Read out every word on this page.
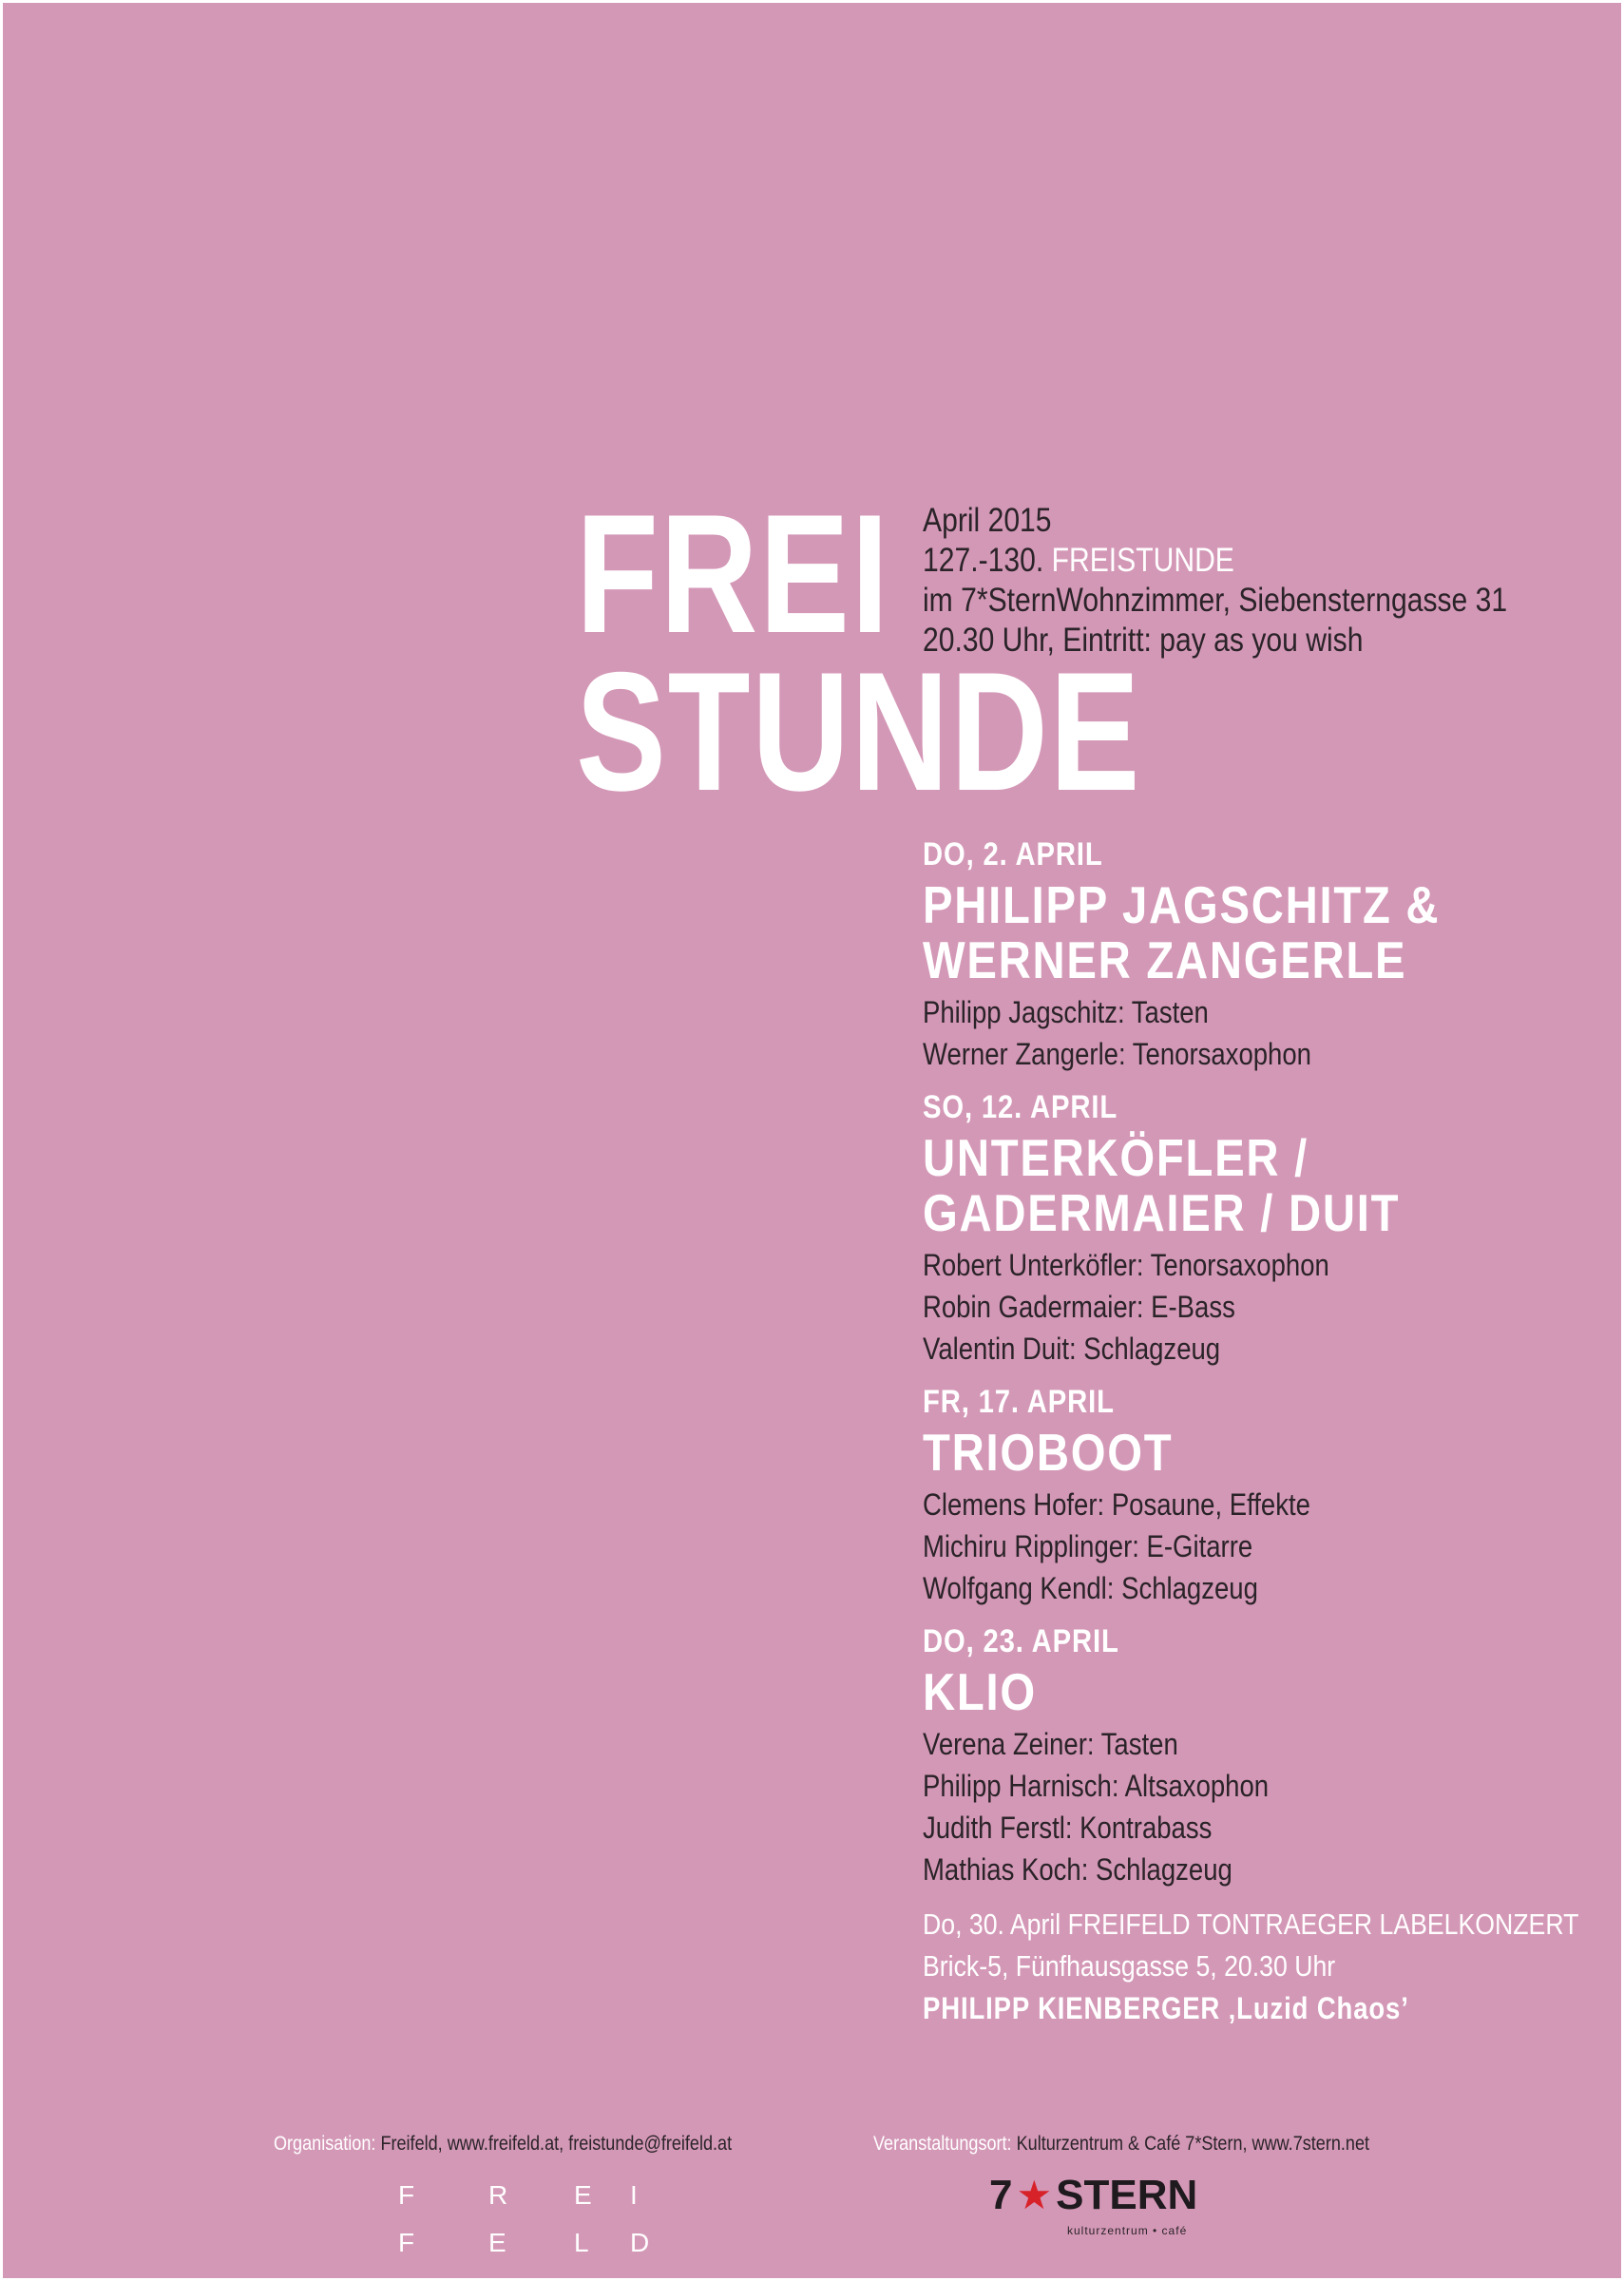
FREI
STUNDE
April 2015
127.-130. FREISTUNDE
im 7*SternWohnzimmer, Siebensterngasse 31
20.30 Uhr, Eintritt: pay as you wish
DO, 2. APRIL
PHILIPP JAGSCHITZ &
WERNER ZANGERLE
Philipp Jagschitz: Tasten
Werner Zangerle: Tenorsaxophon
SO, 12. APRIL
UNTERKÖFLER /
GADERMAIER / DUIT
Robert Unterköfler: Tenorsaxophon
Robin Gadermaier: E-Bass
Valentin Duit: Schlagzeug
FR, 17. APRIL
TRIOBOOT
Clemens Hofer: Posaune, Effekte
Michiru Ripplinger: E-Gitarre
Wolfgang Kendl: Schlagzeug
DO, 23. APRIL
KLIO
Verena Zeiner: Tasten
Philipp Harnisch: Altsaxophon
Judith Ferstl: Kontrabass
Mathias Koch: Schlagzeug
Do, 30. April FREIFELD TONTRAEGER LABELKONZERT
Brick-5, Fünfhausgasse 5, 20.30 Uhr
PHILIPP KIENBERGER ‚Luzid Chaos’
Organisation: Freifeld, www.freifeld.at, freistunde@freifeld.at	Veranstaltungsort: Kulturzentrum & Café 7*Stern, www.7stern.net
F	R E I
F	E	L D
7 ★ STERN
kulturzentrum • café
